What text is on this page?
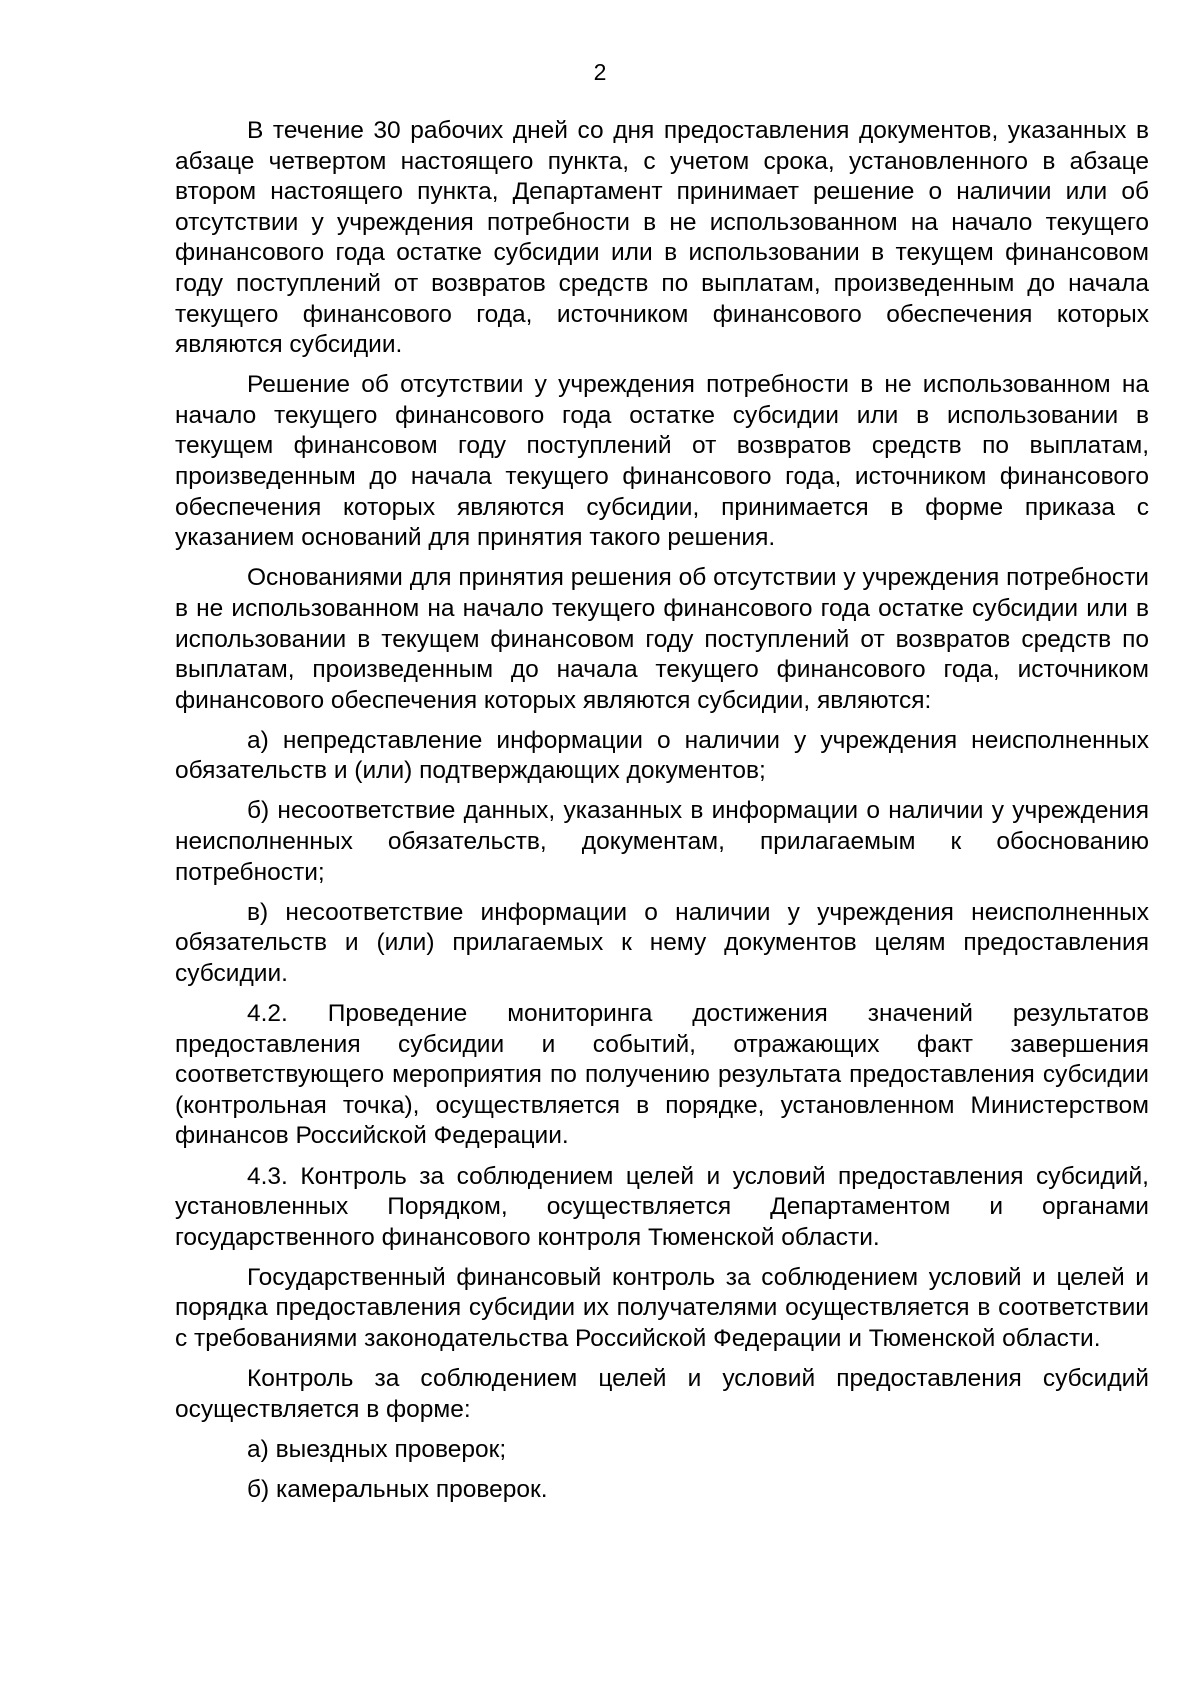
2

В течение 30 рабочих дней со дня предоставления документов, указанных в абзаце четвертом настоящего пункта, с учетом срока, установленного в абзаце втором настоящего пункта, Департамент принимает решение о наличии или об отсутствии у учреждения потребности в не использованном на начало текущего финансового года остатке субсидии или в использовании в текущем финансовом году поступлений от возвратов средств по выплатам, произведенным до начала текущего финансового года, источником финансового обеспечения которых являются субсидии.

Решение об отсутствии у учреждения потребности в не использованном на начало текущего финансового года остатке субсидии или в использовании в текущем финансовом году поступлений от возвратов средств по выплатам, произведенным до начала текущего финансового года, источником финансового обеспечения которых являются субсидии, принимается в форме приказа с указанием оснований для принятия такого решения.

Основаниями для принятия решения об отсутствии у учреждения потребности в не использованном на начало текущего финансового года остатке субсидии или в использовании в текущем финансовом году поступлений от возвратов средств по выплатам, произведенным до начала текущего финансового года, источником финансового обеспечения которых являются субсидии, являются:

а) непредставление информации о наличии у учреждения неисполненных обязательств и (или) подтверждающих документов;

б) несоответствие данных, указанных в информации о наличии у учреждения неисполненных обязательств, документам, прилагаемым к обоснованию потребности;

в) несоответствие информации о наличии у учреждения неисполненных обязательств и (или) прилагаемых к нему документов целям предоставления субсидии.

4.2. Проведение мониторинга достижения значений результатов предоставления субсидии и событий, отражающих факт завершения соответствующего мероприятия по получению результата предоставления субсидии (контрольная точка), осуществляется в порядке, установленном Министерством финансов Российской Федерации.

4.3. Контроль за соблюдением целей и условий предоставления субсидий, установленных Порядком, осуществляется Департаментом и органами государственного финансового контроля Тюменской области.

Государственный финансовый контроль за соблюдением условий и целей и порядка предоставления субсидии их получателями осуществляется в соответствии с требованиями законодательства Российской Федерации и Тюменской области.

Контроль за соблюдением целей и условий предоставления субсидий осуществляется в форме:

а) выездных проверок;

б) камеральных проверок.
